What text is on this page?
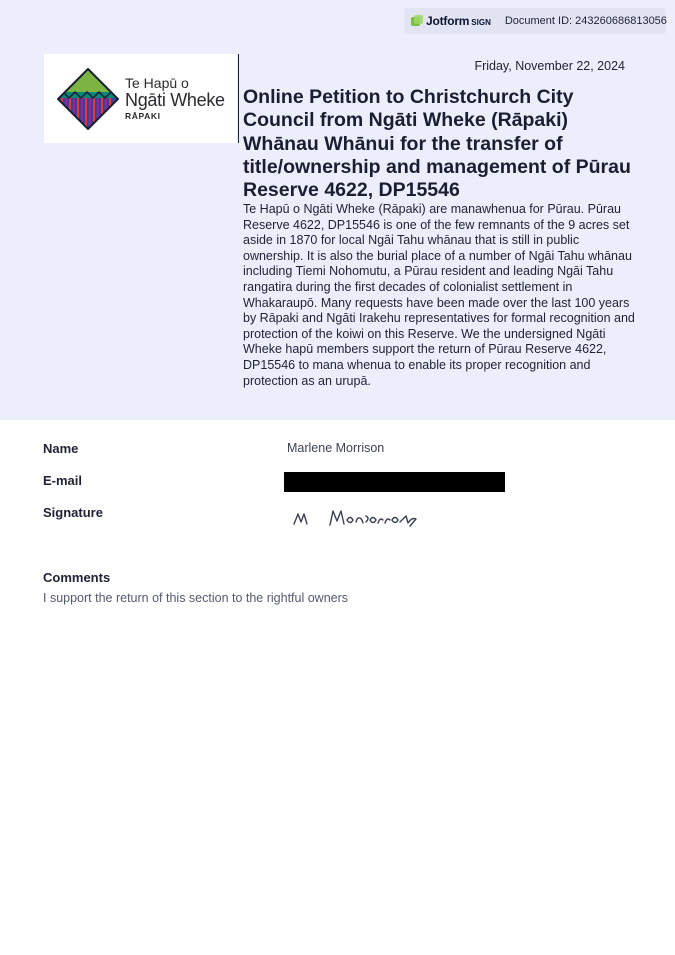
Jotform SIGN Document ID: 243260686813056
Friday, November 22, 2024
Te Hapū o
Ngāti Wheke
RĀPAKI
Online Petition to Christchurch City Council from Ngāti Wheke (Rāpaki) Whānau Whānui for the transfer of title/ownership and management of Pūrau Reserve 4622, DP15546

Te Hapū o Ngāti Wheke (Rāpaki) are manawhenua for Pūrau. Pūrau Reserve 4622, DP15546 is one of the few remnants of the 9 acres set aside in 1870 for local Ngāi Tahu whānau that is still in public ownership. It is also the burial place of a number of Ngāi Tahu whānau including Tiemi Nohomutu, a Pūrau resident and leading Ngāi Tahu rangatira during the first decades of colonialist settlement in Whakaraupō. Many requests have been made over the last 100 years by Rāpaki and Ngāti Irakehu representatives for formal recognition and protection of the koiwi on this Reserve. We the undersigned Ngāti Wheke hapū members support the return of Pūrau Reserve 4622, DP15546 to mana whenua to enable its proper recognition and protection as an urupā.

Name	Marlene Morrison
E-mail
Signature
Comments
I support the return of this section to the rightful owners
